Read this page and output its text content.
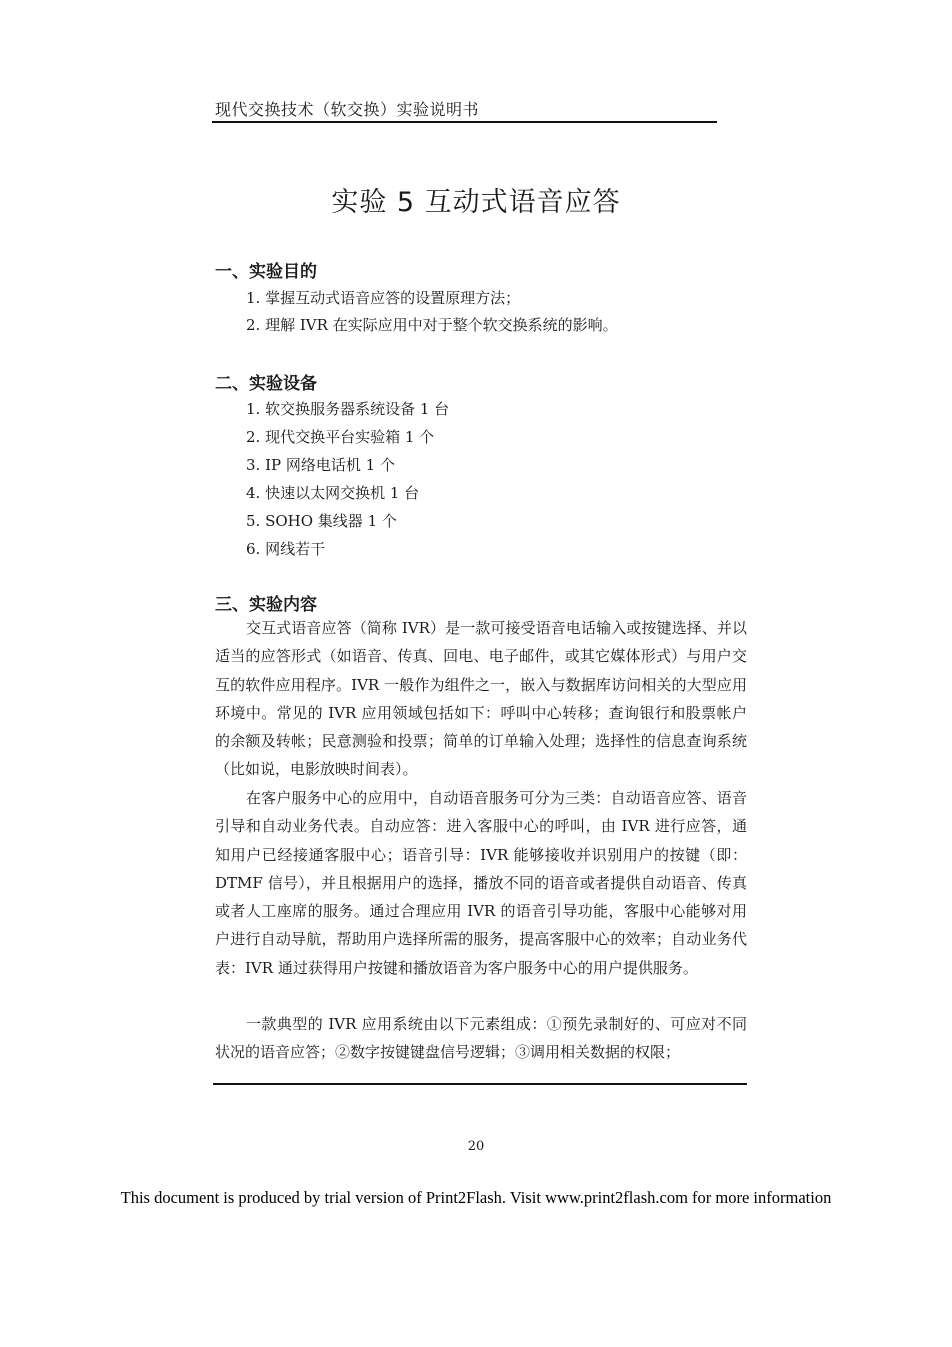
现代交换技术（软交换）实验说明书
实验 5 互动式语音应答
一、实验目的
1. 掌握互动式语音应答的设置原理方法；
2. 理解 IVR 在实际应用中对于整个软交换系统的影响。
二、实验设备
1. 软交换服务器系统设备 1 台
2. 现代交换平台实验箱 1 个
3. IP 网络电话机 1 个
4. 快速以太网交换机 1 台
5. SOHO 集线器 1 个
6. 网线若干
三、实验内容

交互式语音应答（简称 IVR）是一款可接受语音电话输入或按键选择、并以适当的应答形式（如语音、传真、回电、电子邮件，或其它媒体形式）与用户交互的软件应用程序。IVR 一般作为组件之一，嵌入与数据库访问相关的大型应用环境中。常见的 IVR 应用领域包括如下：呼叫中心转移；查询银行和股票帐户的余额及转帐；民意测验和投票；简单的订单输入处理；选择性的信息查询系统（比如说，电影放映时间表）。

在客户服务中心的应用中，自动语音服务可分为三类：自动语音应答、语音引导和自动业务代表。自动应答：进入客服中心的呼叫，由 IVR 进行应答，通知用户已经接通客服中心；语音引导：IVR 能够接收并识别用户的按键（即：DTMF 信号），并且根据用户的选择，播放不同的语音或者提供自动语音、传真或者人工座席的服务。通过合理应用 IVR 的语音引导功能，客服中心能够对用户进行自动导航，帮助用户选择所需的服务，提高客服中心的效率；自动业务代表：IVR 通过获得用户按键和播放语音为客户服务中心的用户提供服务。

一款典型的 IVR 应用系统由以下元素组成：①预先录制好的、可应对不同状况的语音应答；②数字按键键盘信号逻辑；③调用相关数据的权限；

20
This document is produced by trial version of Print2Flash. Visit www.print2flash.com for more information
